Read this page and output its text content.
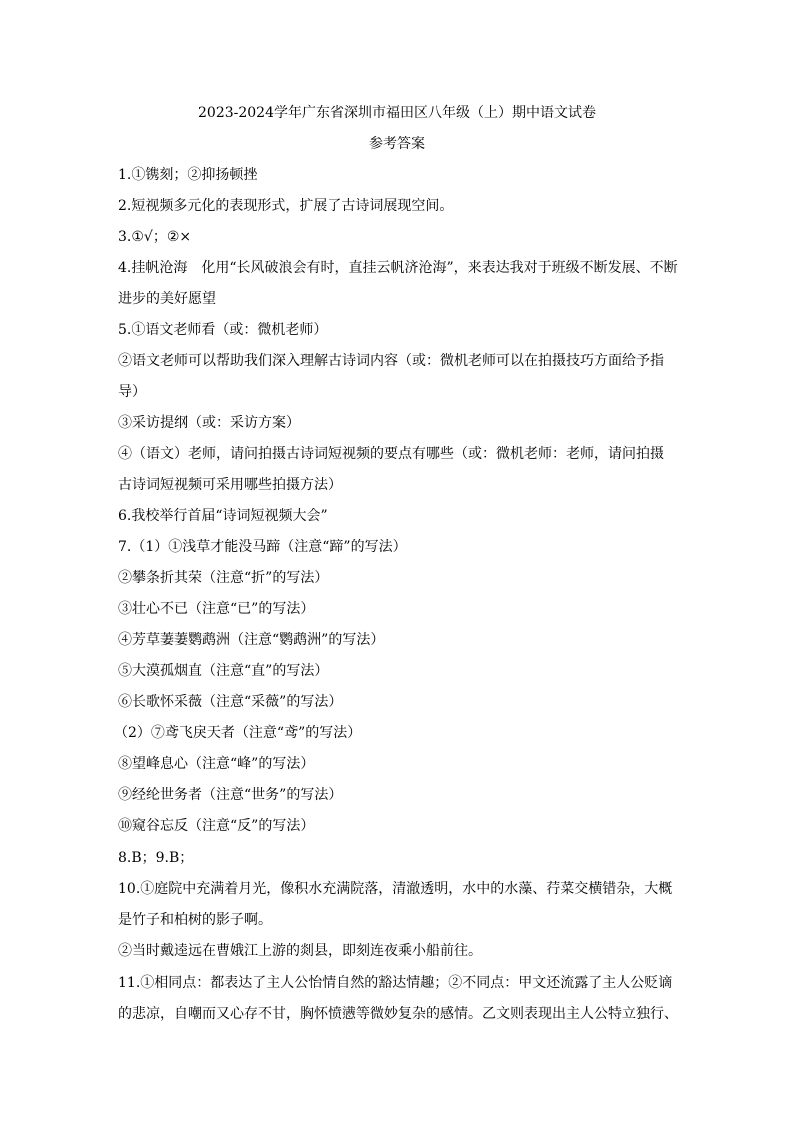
2023-2024学年广东省深圳市福田区八年级（上）期中语文试卷
参考答案
1.①镌刻；②抑扬顿挫
2.短视频多元化的表现形式，扩展了古诗词展现空间。
3.①√；②×
4.挂帆沧海　化用“长风破浪会有时，直挂云帆济沧海”，来表达我对于班级不断发展、不断
进步的美好愿望
5.①语文老师看（或：微机老师）
②语文老师可以帮助我们深入理解古诗词内容（或：微机老师可以在拍摄技巧方面给予指
导）
③采访提纲（或：采访方案）
④（语文）老师，请问拍摄古诗词短视频的要点有哪些（或：微机老师：老师，请问拍摄
古诗词短视频可采用哪些拍摄方法）
6.我校举行首届“诗词短视频大会”
7.（1）①浅草才能没马蹄（注意“蹄”的写法）
②攀条折其荣（注意“折”的写法）
③壮心不已（注意“已”的写法）
④芳草萋萋鹦鹉洲（注意“鹦鹉洲”的写法）
⑤大漠孤烟直（注意“直”的写法）
⑥长歌怀采薇（注意“采薇”的写法）
（2）⑦鸢飞戾天者（注意“鸢”的写法）
⑧望峰息心（注意“峰”的写法）
⑨经纶世务者（注意“世务”的写法）
⑩窥谷忘反（注意“反”的写法）
8.B；9.B；
10.①庭院中充满着月光，像积水充满院落，清澈透明，水中的水藻、荇菜交横错杂，大概
是竹子和柏树的影子啊。
②当时戴逵远在曹娥江上游的剡县，即刻连夜乘小船前往。
11.①相同点：都表达了主人公怡情自然的豁达情趣；②不同点：甲文还流露了主人公贬谪
的悲凉，自嘲而又心存不甘，胸怀愤懑等微妙复杂的感情。乙文则表现出主人公特立独行、
